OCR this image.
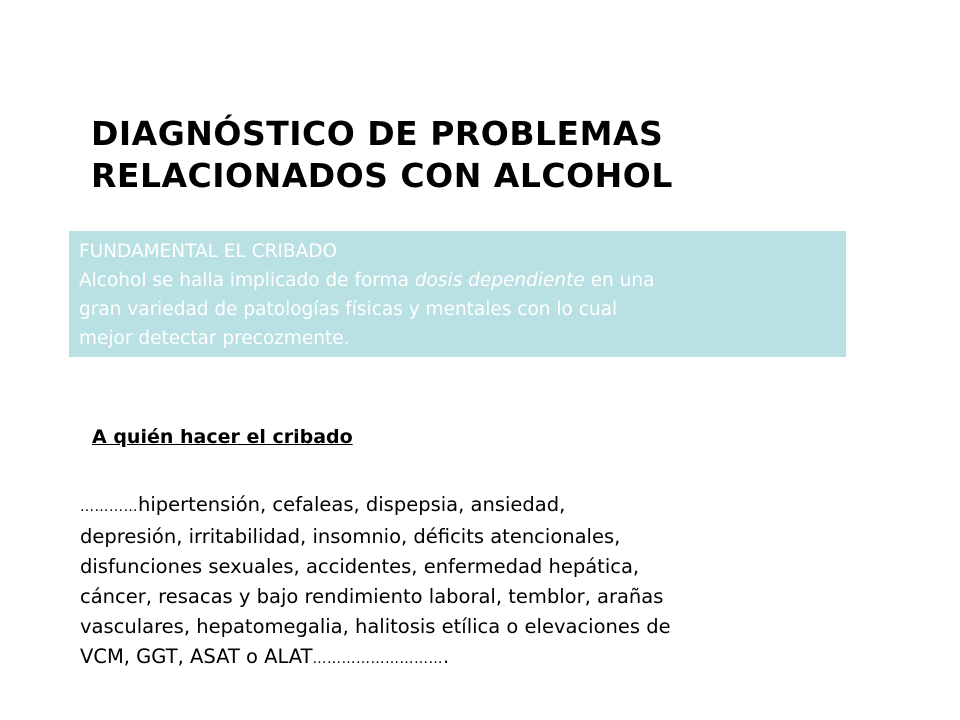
DIAGNÓSTICO DE PROBLEMAS
RELACIONADOS CON ALCOHOL
FUNDAMENTAL EL CRIBADO
Alcohol se halla implicado de forma dosis dependiente en una
gran variedad de patologías físicas y mentales con lo cual
mejor detectar precozmente.
A quién hacer el cribado
…………hipertensión, cefaleas, dispepsia, ansiedad,
depresión, irritabilidad, insomnio, déficits atencionales,
disfunciones sexuales, accidentes, enfermedad hepática,
cáncer, resacas y bajo rendimiento laboral, temblor, arañas
vasculares, hepatomegalia, halitosis etílica o elevaciones de
VCM, GGT, ASAT o ALAT……………………….
